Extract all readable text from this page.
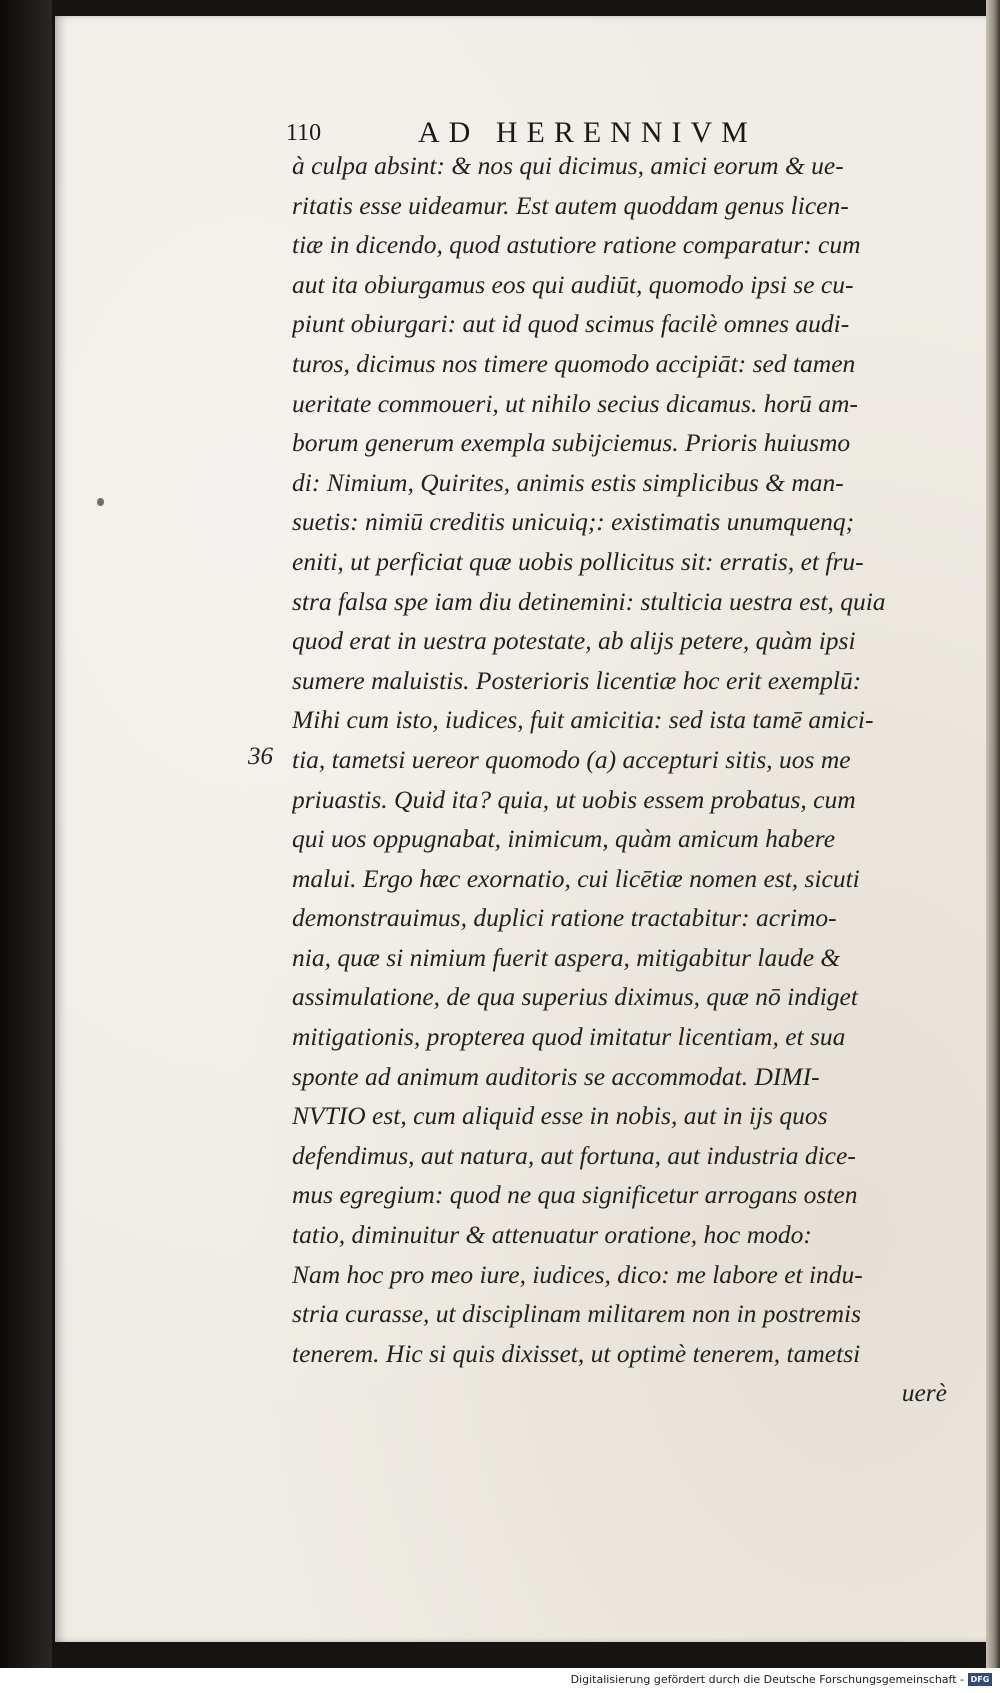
110	AD HERENNIVM
36
à culpa absint: & nos qui dicimus, amici eorum & ue-
ritatis esse uideamur. Est autem quoddam genus licen-
tiæ in dicendo, quod astutiore ratione comparatur: cum
aut ita obiurgamus eos qui audiūt, quomodo ipsi se cu-
piunt obiurgari: aut id quod scimus facilè omnes audi-
turos, dicimus nos timere quomodo accipiāt: sed tamen
ueritate commoueri, ut nihilo secius dicamus. horū am-
borum generum exempla subijciemus. Prioris huiusmo
di: Nimium, Quirites, animis estis simplicibus & man-
suetis: nimiū creditis unicuiq;: existimatis unumquenq;
eniti, ut perficiat quæ uobis pollicitus sit: erratis, et fru-
stra falsa spe iam diu detinemini: stulticia uestra est, quia
quod erat in uestra potestate, ab alijs petere, quàm ipsi
sumere maluistis. Posterioris licentiæ hoc erit exemplū:
Mihi cum isto, iudices, fuit amicitia: sed ista tamē amici-
tia, tametsi uereor quomodo (a) accepturi sitis, uos me
priuastis. Quid ita? quia, ut uobis essem probatus, cum
qui uos oppugnabat, inimicum, quàm amicum habere
malui. Ergo hæc exornatio, cui licētiæ nomen est, sicuti
demonstrauimus, duplici ratione tractabitur: acrimo-
nia, quæ si nimium fuerit aspera, mitigabitur laude &
assimulatione, de qua superius diximus, quæ nō indiget
mitigationis, propterea quod imitatur licentiam, et sua
sponte ad animum auditoris se accommodat. DIMI-
NVTIO est, cum aliquid esse in nobis, aut in ijs quos
defendimus, aut natura, aut fortuna, aut industria dice-
mus egregium: quod ne qua significetur arrogans osten
tatio, diminuitur & attenuatur oratione, hoc modo:
Nam hoc pro meo iure, iudices, dico: me labore et indu-
stria curasse, ut disciplinam militarem non in postremis
tenerem. Hic si quis dixisset, ut optimè tenerem, tametsi
uerè
Digitalisierung gefördert durch die Deutsche Forschungsgemeinschaft - DFG
